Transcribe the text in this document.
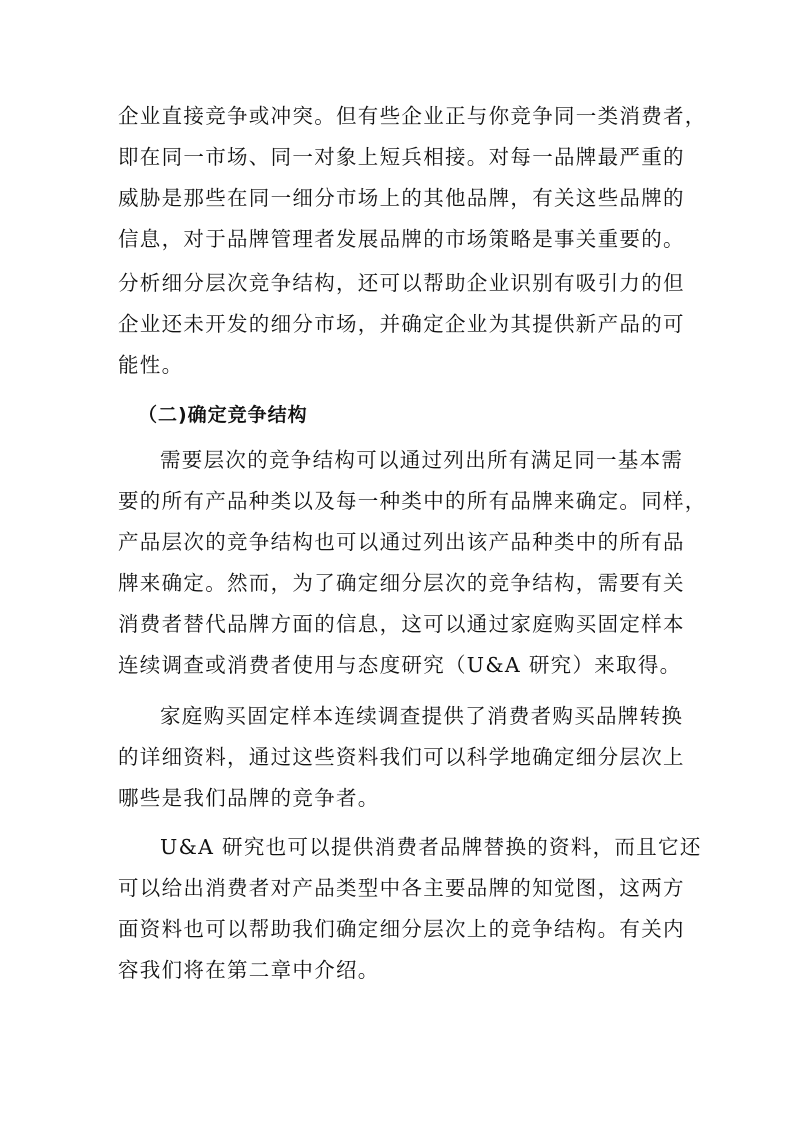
企业直接竞争或冲突。但有些企业正与你竞争同一类消费者，
即在同一市场、同一对象上短兵相接。对每一品牌最严重的
威胁是那些在同一细分市场上的其他品牌，有关这些品牌的
信息，对于品牌管理者发展品牌的市场策略是事关重要的。
分析细分层次竞争结构，还可以帮助企业识别有吸引力的但
企业还未开发的细分市场，并确定企业为其提供新产品的可
能性。
（二)确定竞争结构
需要层次的竞争结构可以通过列出所有满足同一基本需
要的所有产品种类以及每一种类中的所有品牌来确定。同样，
产品层次的竞争结构也可以通过列出该产品种类中的所有品
牌来确定。然而，为了确定细分层次的竞争结构，需要有关
消费者替代品牌方面的信息，这可以通过家庭购买固定样本
连续调查或消费者使用与态度研究（U&A 研究）来取得。
家庭购买固定样本连续调查提供了消费者购买品牌转换
的详细资料，通过这些资料我们可以科学地确定细分层次上
哪些是我们品牌的竞争者。
U&A 研究也可以提供消费者品牌替换的资料，而且它还
可以给出消费者对产品类型中各主要品牌的知觉图，这两方
面资料也可以帮助我们确定细分层次上的竞争结构。有关内
容我们将在第二章中介绍。
